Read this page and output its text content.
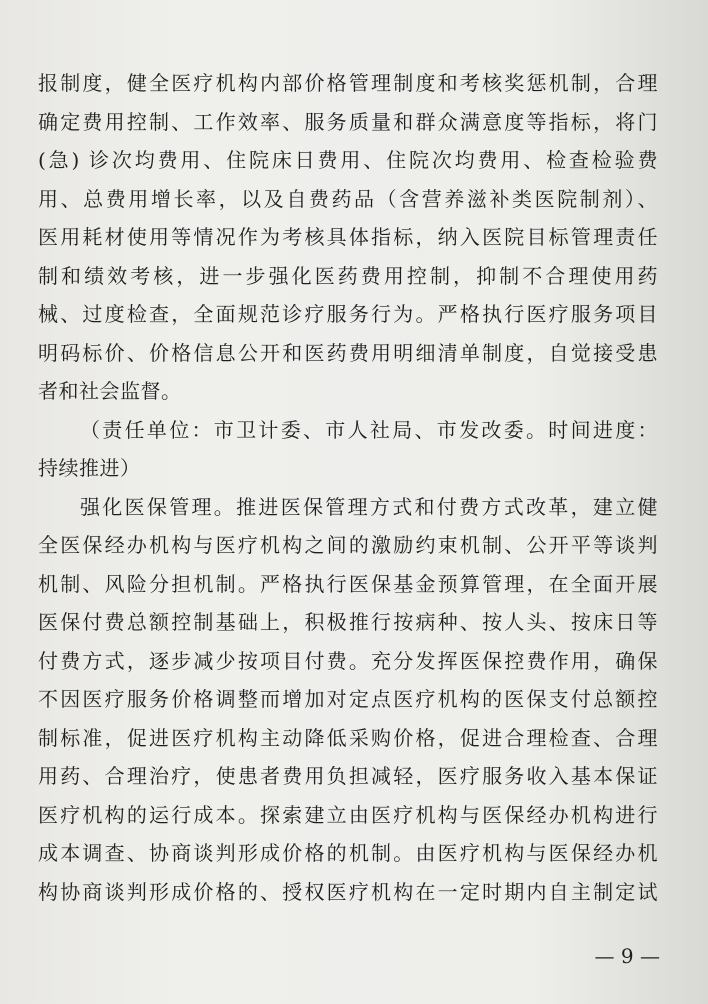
报制度，健全医疗机构内部价格管理制度和考核奖惩机制，合理
确定费用控制、工作效率、服务质量和群众满意度等指标，将门
(急) 诊次均费用、住院床日费用、住院次均费用、检查检验费
用、总费用增长率，以及自费药品（含营养滋补类医院制剂）、
医用耗材使用等情况作为考核具体指标，纳入医院目标管理责任
制和绩效考核，进一步强化医药费用控制，抑制不合理使用药
械、过度检查，全面规范诊疗服务行为。严格执行医疗服务项目
明码标价、价格信息公开和医药费用明细清单制度，自觉接受患
者和社会监督。
（责任单位：市卫计委、市人社局、市发改委。时间进度：
持续推进）
强化医保管理。推进医保管理方式和付费方式改革，建立健
全医保经办机构与医疗机构之间的激励约束机制、公开平等谈判
机制、风险分担机制。严格执行医保基金预算管理，在全面开展
医保付费总额控制基础上，积极推行按病种、按人头、按床日等
付费方式，逐步减少按项目付费。充分发挥医保控费作用，确保
不因医疗服务价格调整而增加对定点医疗机构的医保支付总额控
制标准，促进医疗机构主动降低采购价格，促进合理检查、合理
用药、合理治疗，使患者费用负担减轻，医疗服务收入基本保证
医疗机构的运行成本。探索建立由医疗机构与医保经办机构进行
成本调查、协商谈判形成价格的机制。由医疗机构与医保经办机
构协商谈判形成价格的、授权医疗机构在一定时期内自主制定试
— 9 —
